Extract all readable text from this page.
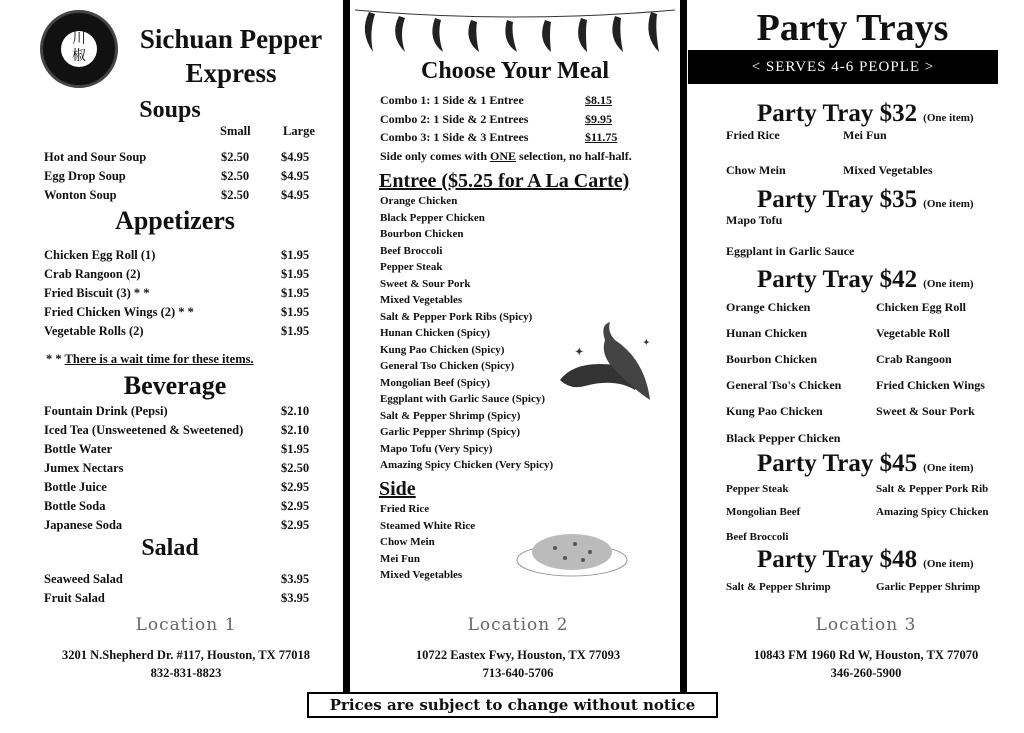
川
椒
Sichuan Pepper
Express
Soups
Small	Large
Appetizers
* * There is a wait time for these items.
Beverage
Salad
Choose Your Meal
Side only comes with ONE selection, no half-half.
Entree ($5.25 for A La Carte)
✦
✦
Side
Party Trays
< SERVES 4-6 PEOPLE >
Prices are subject to change without notice
Hot and Sour Soup	$2.50	$4.95
Egg Drop Soup	$2.50	$4.95
Wonton Soup	$2.50	$4.95
Chicken Egg Roll (1)	$1.95
Crab Rangoon (2)	$1.95
Fried Biscuit (3) * *	$1.95
Fried Chicken Wings (2) * *	$1.95
Vegetable Rolls (2)	$1.95
Fountain Drink (Pepsi)	$2.10
Iced Tea (Unsweetened & Sweetened)	$2.10
Bottle Water	$1.95
Jumex Nectars	$2.50
Bottle Juice	$2.95
Bottle Soda	$2.95
Japanese Soda	$2.95
Seaweed Salad	$3.95
Fruit Salad	$3.95
Combo 1: 1 Side & 1 Entree	$8.15
Combo 2: 1 Side & 2 Entrees	$9.95
Combo 3: 1 Side & 3 Entrees	$11.75
Orange Chicken
Black Pepper Chicken
Bourbon Chicken
Beef Broccoli
Pepper Steak
Sweet & Sour Pork
Mixed Vegetables
Salt & Pepper Pork Ribs (Spicy)
Hunan Chicken (Spicy)
Kung Pao Chicken (Spicy)
General Tso Chicken (Spicy)
Mongolian Beef (Spicy)
Eggplant with Garlic Sauce (Spicy)
Salt & Pepper Shrimp (Spicy)
Garlic Pepper Shrimp (Spicy)
Mapo Tofu (Very Spicy)
Amazing Spicy Chicken (Very Spicy)
Fried Rice
Steamed White Rice
Chow Mein
Mei Fun
Mixed Vegetables
Party Tray $32 (One item)
Fried Rice	Mei Fun
Chow Mein	Mixed Vegetables
Party Tray $35 (One item)
Mapo Tofu
Eggplant in Garlic Sauce
Party Tray $42 (One item)
Orange Chicken	Chicken Egg Roll
Hunan Chicken	Vegetable Roll
Bourbon Chicken	Crab Rangoon
General Tso's Chicken	Fried Chicken Wings
Kung Pao Chicken	Sweet & Sour Pork
Black Pepper Chicken
Party Tray $45 (One item)
Pepper Steak	Salt & Pepper Pork Rib
Mongolian Beef	Amazing Spicy Chicken
Beef Broccoli
Party Tray $48 (One item)
Salt & Pepper Shrimp	Garlic Pepper Shrimp
Location 1
3201 N.Shepherd Dr. #117, Houston, TX 77018
832-831-8823
Location 2
10722 Eastex Fwy, Houston, TX 77093
713-640-5706
Location 3
10843 FM 1960 Rd W, Houston, TX 77070
346-260-5900
